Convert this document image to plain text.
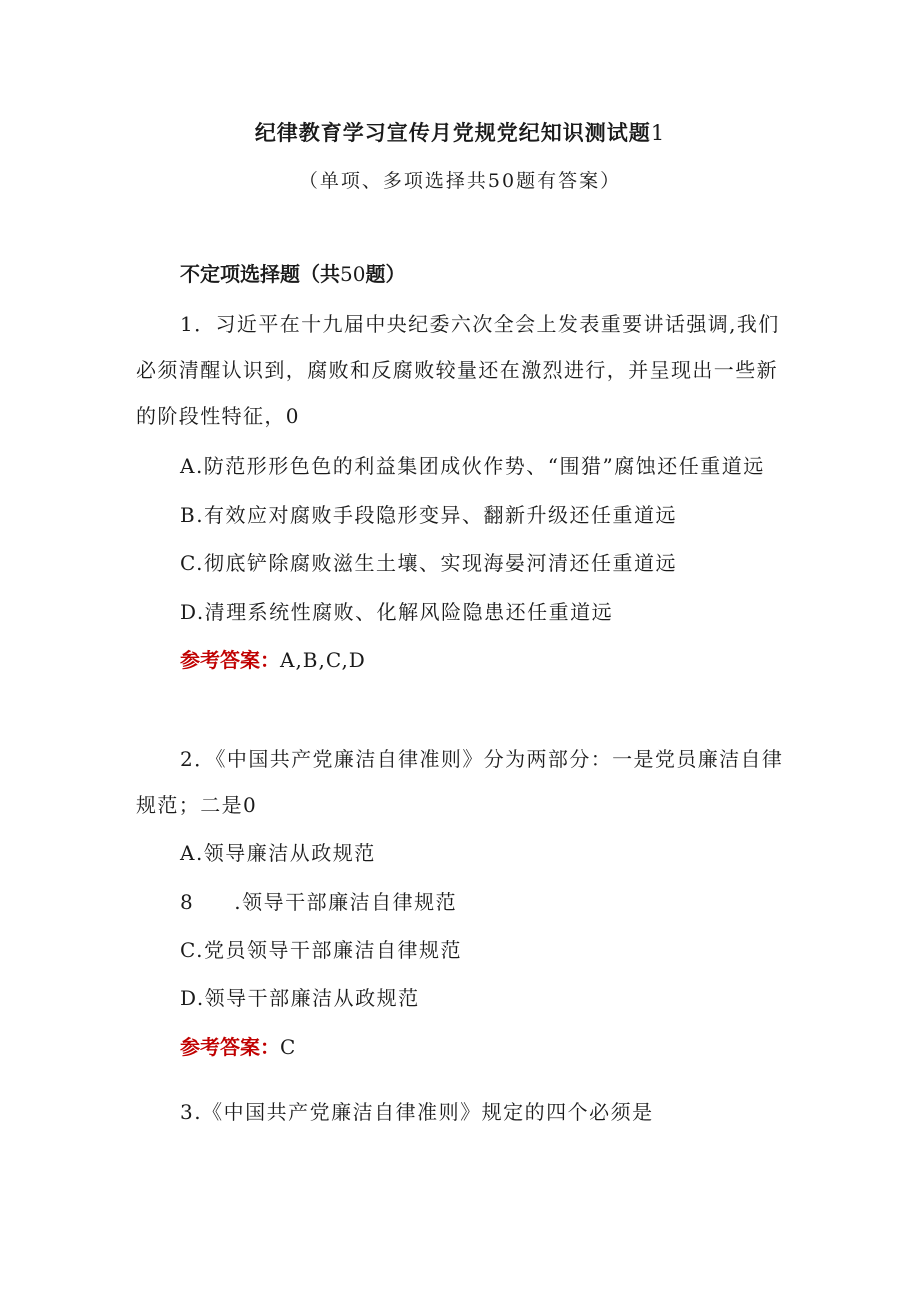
纪律教育学习宣传月党规党纪知识测试题1
（单项、多项选择共50题有答案）
不定项选择题（共50题）
1．习近平在十九届中央纪委六次全会上发表重要讲话强调,我们必须清醒认识到，腐败和反腐败较量还在激烈进行，并呈现出一些新的阶段性特征，0
A.防范形形色色的利益集团成伙作势、“围猎”腐蚀还任重道远
B.有效应对腐败手段隐形变异、翻新升级还任重道远
C.彻底铲除腐败滋生土壤、实现海晏河清还任重道远
D.清理系统性腐败、化解风险隐患还任重道远
参考答案：A,B,C,D
2．《中国共产党廉洁自律准则》分为两部分：一是党员廉洁自律规范；二是0
A.领导廉洁从政规范
8 .领导干部廉洁自律规范
C.党员领导干部廉洁自律规范
D.领导干部廉洁从政规范
参考答案：C
3.《中国共产党廉洁自律准则》规定的四个必须是
